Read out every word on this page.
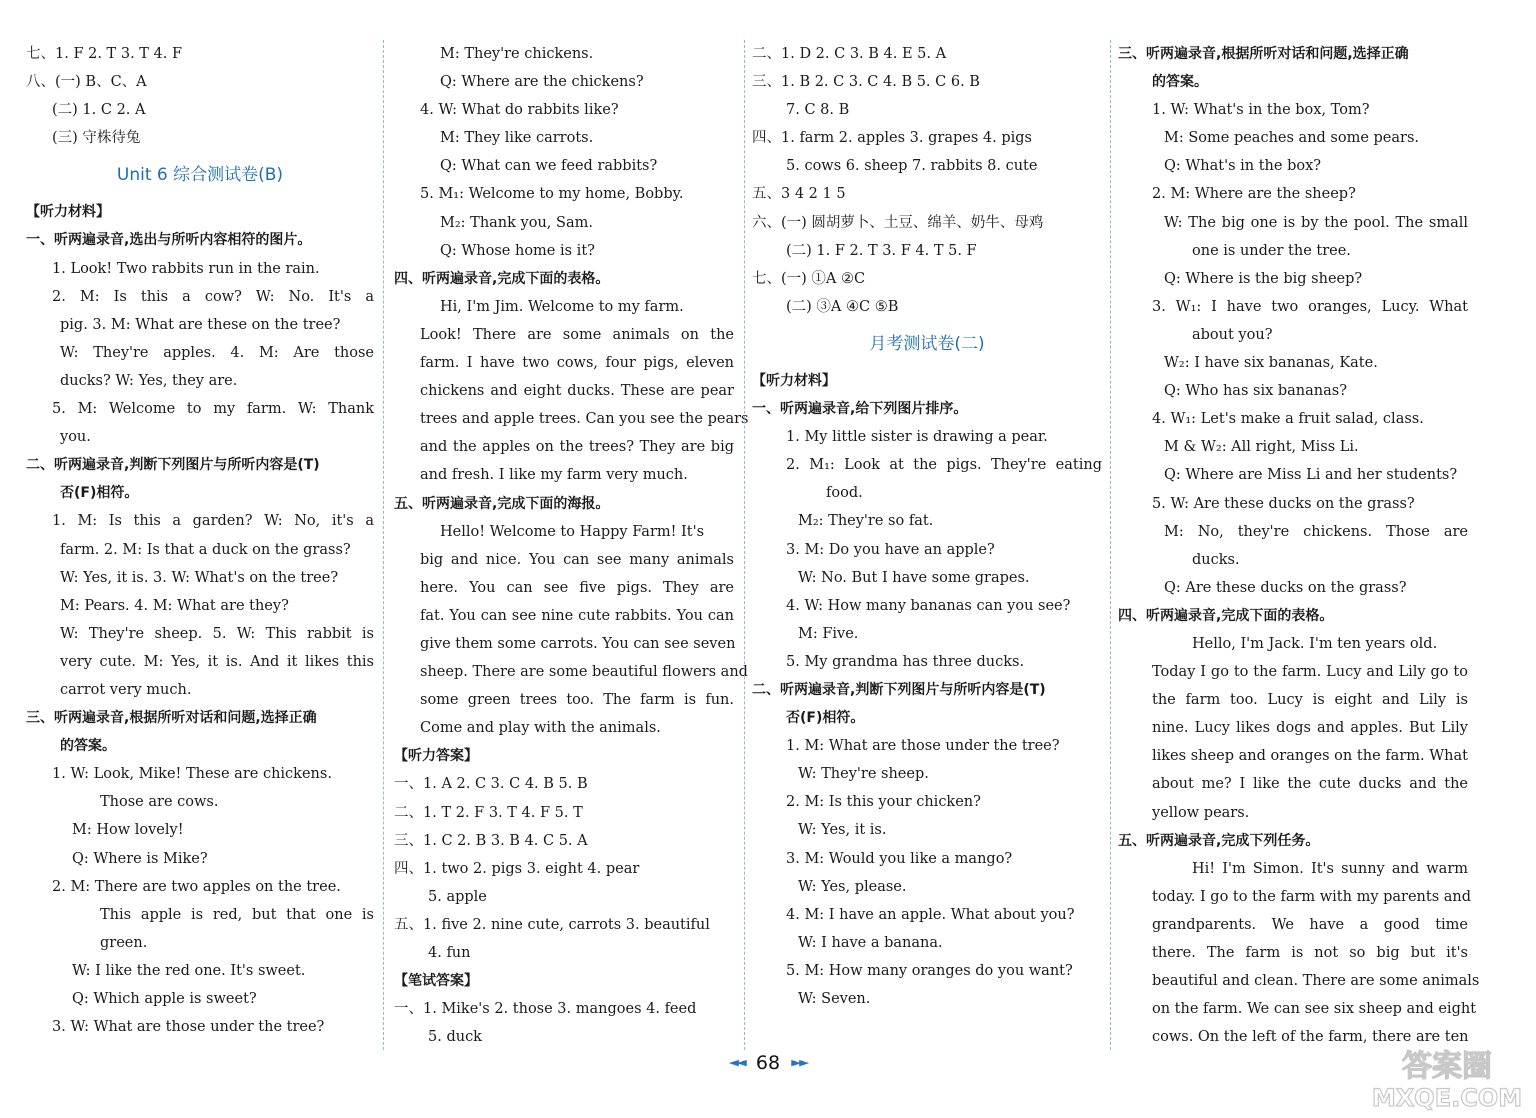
七、1. F 2. T 3. T 4. F
八、(一) B、C、A
(二) 1. C 2. A
(三) 守株待兔
Unit 6 综合测试卷(B)
【听力材料】
一、听两遍录音,选出与所听内容相符的图片。
1. Look! Two rabbits run in the rain.
2. M: Is this a cow? W: No. It's a
pig. 3. M: What are these on the tree?
W: They're apples. 4. M: Are those
ducks? W: Yes, they are.
5. M: Welcome to my farm. W: Thank
you.
二、听两遍录音,判断下列图片与所听内容是(T)
否(F)相符。
1. M: Is this a garden? W: No, it's a
farm. 2. M: Is that a duck on the grass?
W: Yes, it is. 3. W: What's on the tree?
M: Pears. 4. M: What are they?
W: They're sheep. 5. W: This rabbit is
very cute. M: Yes, it is. And it likes this
carrot very much.
三、听两遍录音,根据所听对话和问题,选择正确
的答案。
1. W: Look, Mike! These are chickens.
Those are cows.
M: How lovely!
Q: Where is Mike?
2. M: There are two apples on the tree.
This apple is red, but that one is
green.
W: I like the red one. It's sweet.
Q: Which apple is sweet?
3. W: What are those under the tree?
M: They're chickens.
Q: Where are the chickens?
4. W: What do rabbits like?
M: They like carrots.
Q: What can we feed rabbits?
5. M₁: Welcome to my home, Bobby.
M₂: Thank you, Sam.
Q: Whose home is it?
四、听两遍录音,完成下面的表格。
Hi, I'm Jim. Welcome to my farm.
Look! There are some animals on the
farm. I have two cows, four pigs, eleven
chickens and eight ducks. These are pear
trees and apple trees. Can you see the pears
and the apples on the trees? They are big
and fresh. I like my farm very much.
五、听两遍录音,完成下面的海报。
Hello! Welcome to Happy Farm! It's
big and nice. You can see many animals
here. You can see five pigs. They are
fat. You can see nine cute rabbits. You can
give them some carrots. You can see seven
sheep. There are some beautiful flowers and
some green trees too. The farm is fun.
Come and play with the animals.
【听力答案】
一、1. A 2. C 3. C 4. B 5. B
二、1. T 2. F 3. T 4. F 5. T
三、1. C 2. B 3. B 4. C 5. A
四、1. two 2. pigs 3. eight 4. pear
5. apple
五、1. five 2. nine cute, carrots 3. beautiful
4. fun
【笔试答案】
一、1. Mike's 2. those 3. mangoes 4. feed
5. duck
二、1. D 2. C 3. B 4. E 5. A
三、1. B 2. C 3. C 4. B 5. C 6. B
7. C 8. B
四、1. farm 2. apples 3. grapes 4. pigs
5. cows 6. sheep 7. rabbits 8. cute
五、3 4 2 1 5
六、(一) 圆胡萝卜、土豆、绵羊、奶牛、母鸡
(二) 1. F 2. T 3. F 4. T 5. F
七、(一) ①A ②C
(二) ③A ④C ⑤B
月考测试卷(二)
【听力材料】
一、听两遍录音,给下列图片排序。
1. My little sister is drawing a pear.
2. M₁: Look at the pigs. They're eating
food.
M₂: They're so fat.
3. M: Do you have an apple?
W: No. But I have some grapes.
4. W: How many bananas can you see?
M: Five.
5. My grandma has three ducks.
二、听两遍录音,判断下列图片与所听内容是(T)
否(F)相符。
1. M: What are those under the tree?
W: They're sheep.
2. M: Is this your chicken?
W: Yes, it is.
3. M: Would you like a mango?
W: Yes, please.
4. M: I have an apple. What about you?
W: I have a banana.
5. M: How many oranges do you want?
W: Seven.
三、听两遍录音,根据所听对话和问题,选择正确
的答案。
1. W: What's in the box, Tom?
M: Some peaches and some pears.
Q: What's in the box?
2. M: Where are the sheep?
W: The big one is by the pool. The small
one is under the tree.
Q: Where is the big sheep?
3. W₁: I have two oranges, Lucy. What
about you?
W₂: I have six bananas, Kate.
Q: Who has six bananas?
4. W₁: Let's make a fruit salad, class.
M & W₂: All right, Miss Li.
Q: Where are Miss Li and her students?
5. W: Are these ducks on the grass?
M: No, they're chickens. Those are
ducks.
Q: Are these ducks on the grass?
四、听两遍录音,完成下面的表格。
Hello, I'm Jack. I'm ten years old.
Today I go to the farm. Lucy and Lily go to
the farm too. Lucy is eight and Lily is
nine. Lucy likes dogs and apples. But Lily
likes sheep and oranges on the farm. What
about me? I like the cute ducks and the
yellow pears.
五、听两遍录音,完成下列任务。
Hi! I'm Simon. It's sunny and warm
today. I go to the farm with my parents and
grandparents. We have a good time
there. The farm is not so big but it's
beautiful and clean. There are some animals
on the farm. We can see six sheep and eight
cows. On the left of the farm, there are ten
◄◄ 68 ►►	答案圈
MXQE.COM
